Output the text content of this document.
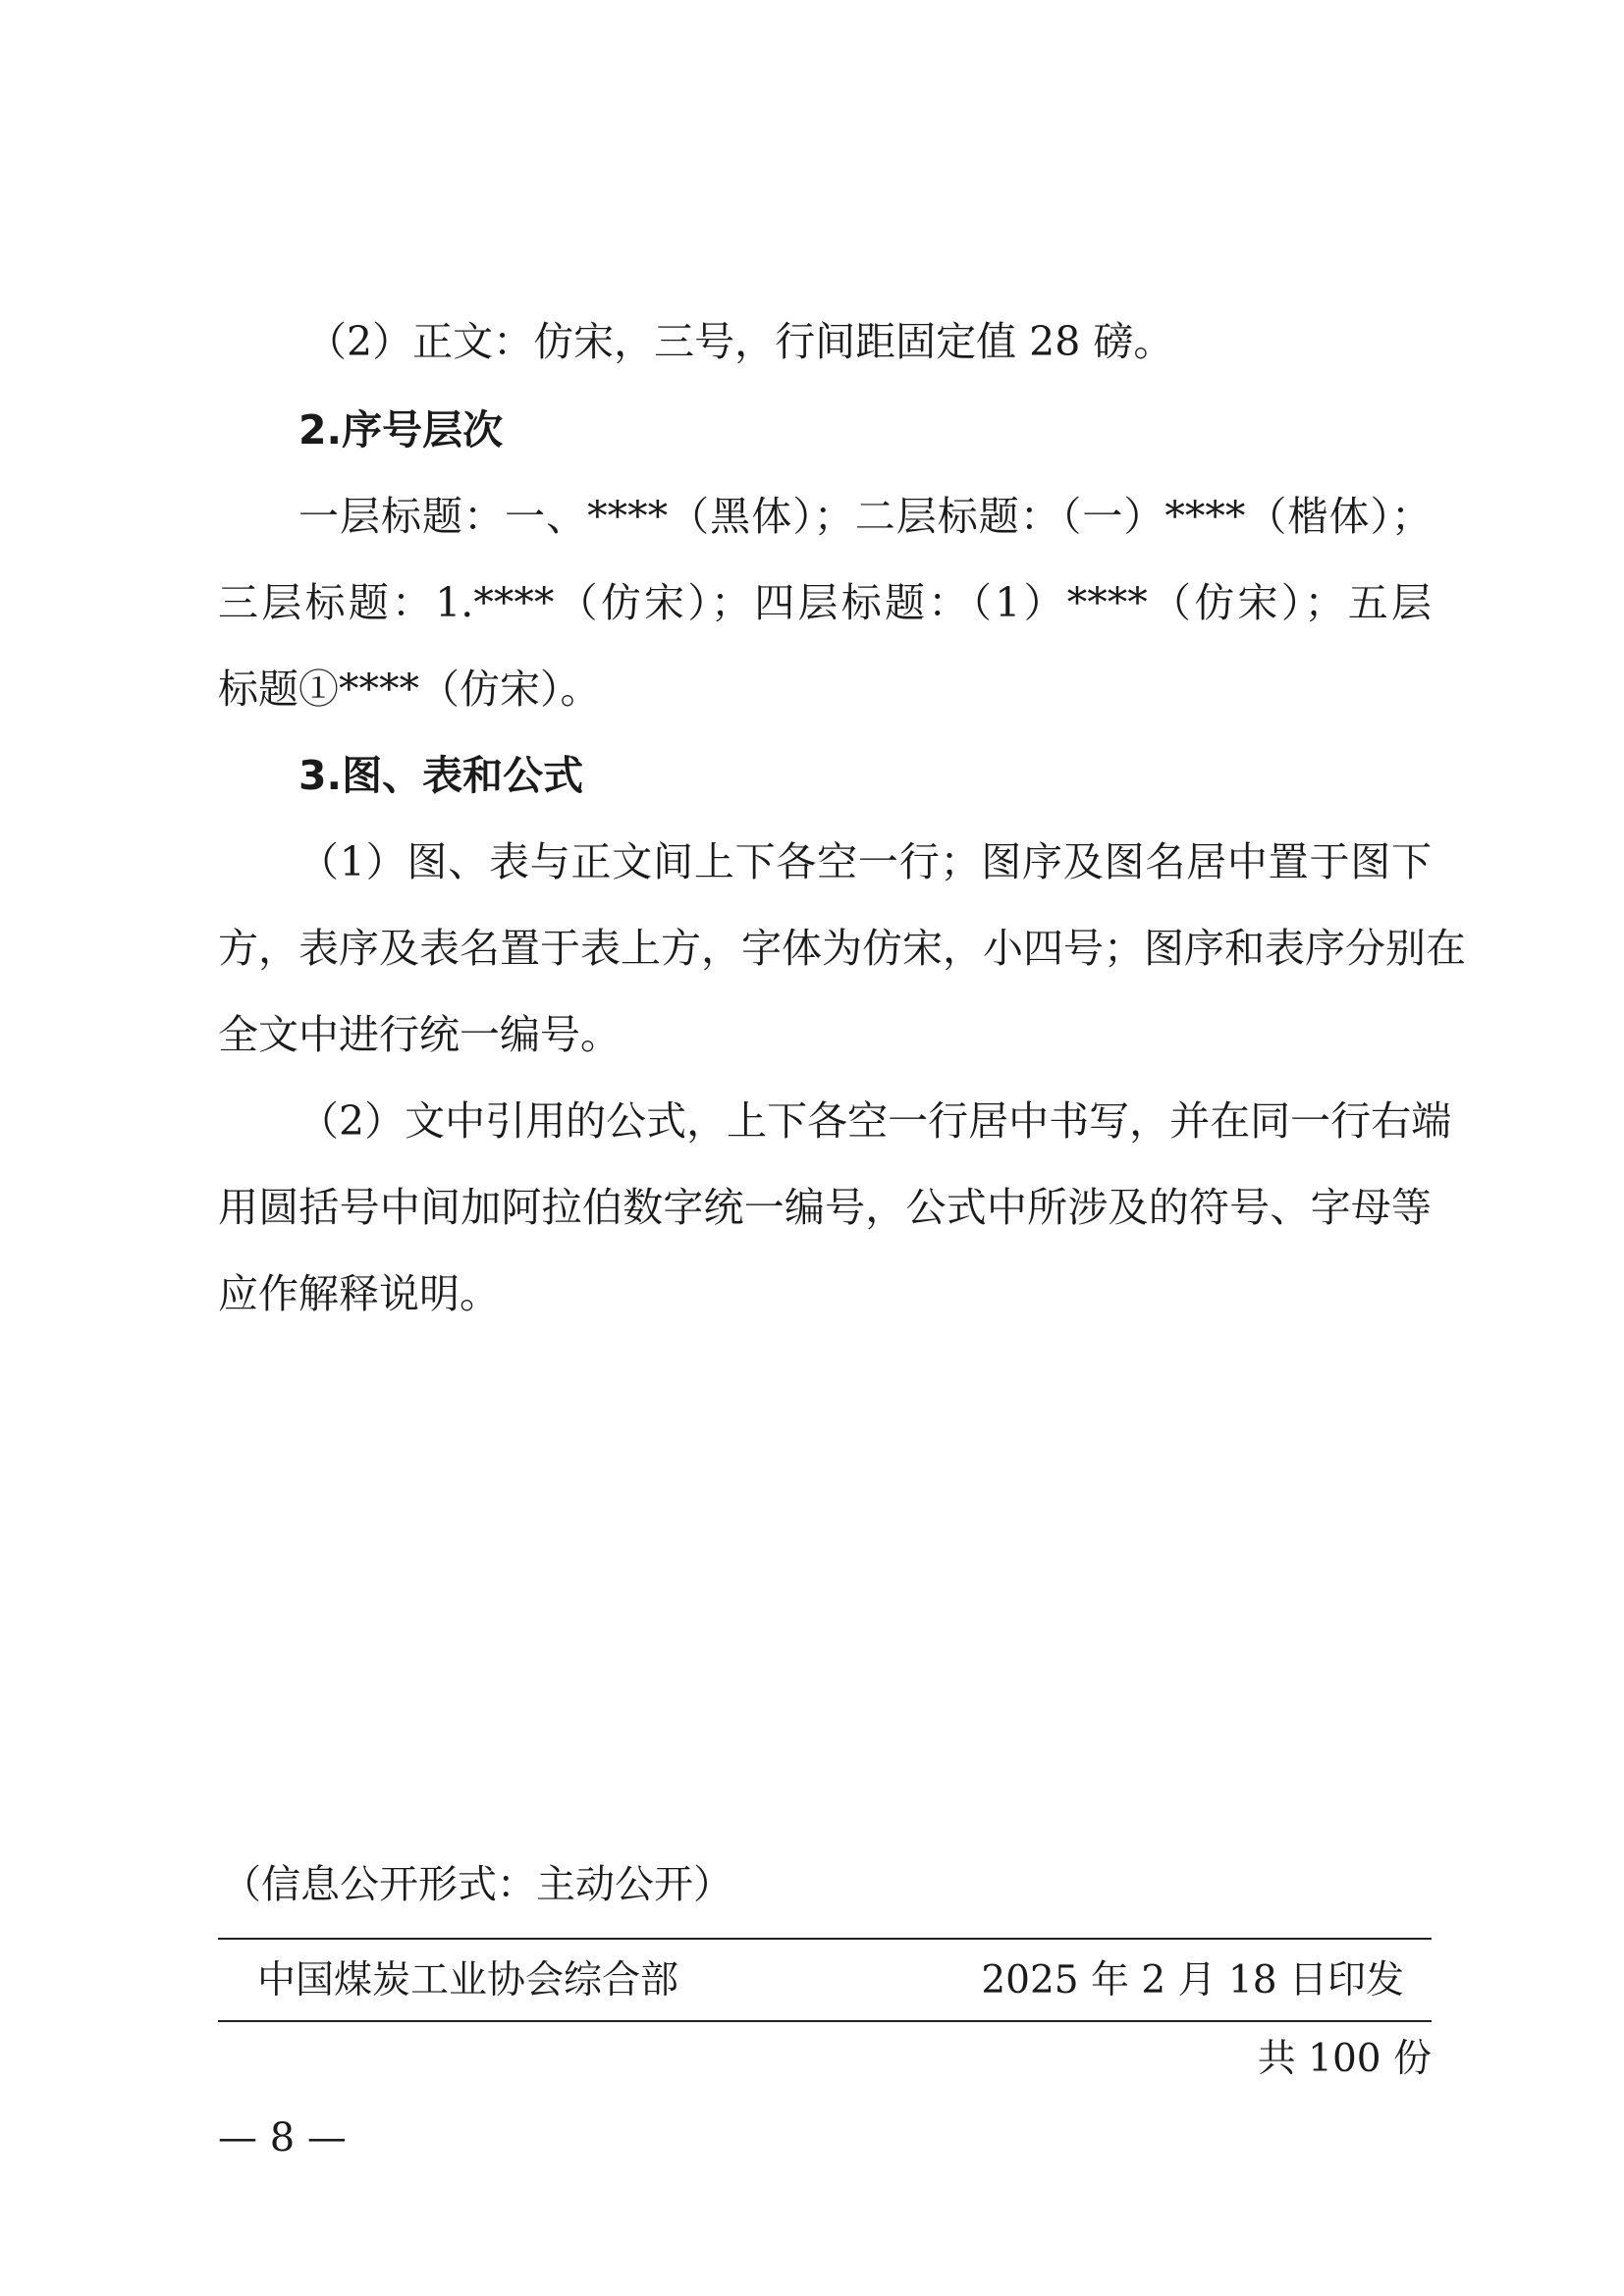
（2）正文：仿宋，三号，行间距固定值 28 磅。
2.序号层次
一层标题：一、****（黑体）；二层标题：（一）****（楷体）；
三层标题：1.****（仿宋）；四层标题：（1）****（仿宋）；五层
标题①****（仿宋）。
3.图、表和公式
（1）图、表与正文间上下各空一行；图序及图名居中置于图下
方，表序及表名置于表上方，字体为仿宋，小四号；图序和表序分别在
全文中进行统一编号。
（2）文中引用的公式，上下各空一行居中书写，并在同一行右端
用圆括号中间加阿拉伯数字统一编号，公式中所涉及的符号、字母等
应作解释说明。
（信息公开形式：主动公开）
中国煤炭工业协会综合部	2025 年 2 月 18 日印发
共 100 份
— 8 —
